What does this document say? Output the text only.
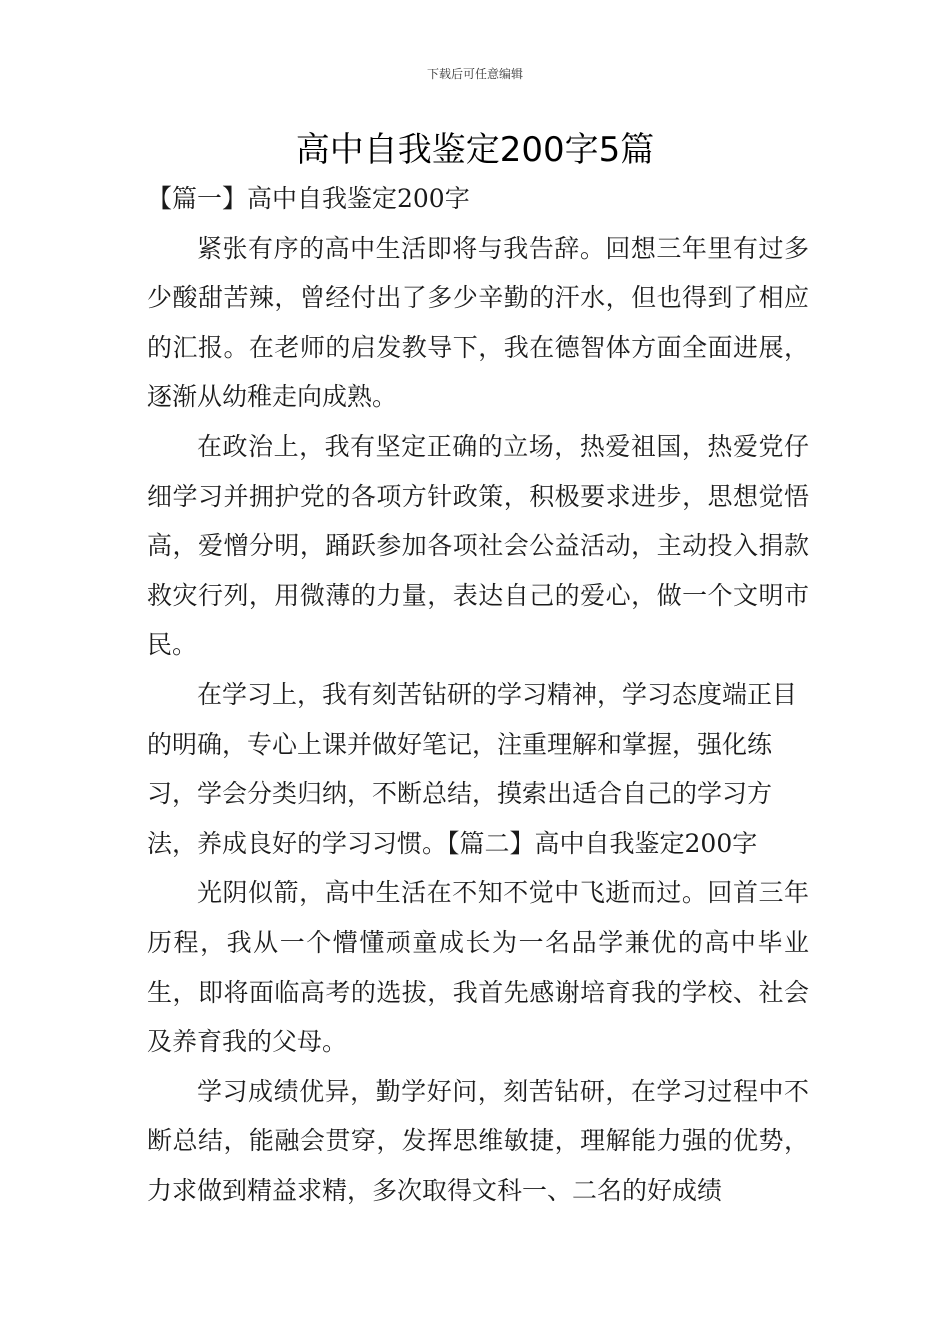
下载后可任意编辑
高中自我鉴定200字5篇

【篇一】高中自我鉴定200字

紧张有序的高中生活即将与我告辞。回想三年里有过多少酸甜苦辣，曾经付出了多少辛勤的汗水，但也得到了相应的汇报。在老师的启发教导下，我在德智体方面全面进展，逐渐从幼稚走向成熟。

在政治上，我有坚定正确的立场，热爱祖国，热爱党仔细学习并拥护党的各项方针政策，积极要求进步，思想觉悟高，爱憎分明，踊跃参加各项社会公益活动，主动投入捐款救灾行列，用微薄的力量，表达自己的爱心，做一个文明市民。

在学习上，我有刻苦钻研的学习精神，学习态度端正目的明确，专心上课并做好笔记，注重理解和掌握，强化练习，学会分类归纳，不断总结，摸索出适合自己的学习方法，养成良好的学习习惯。【篇二】高中自我鉴定200字

光阴似箭，高中生活在不知不觉中飞逝而过。回首三年历程，我从一个懵懂顽童成长为一名品学兼优的高中毕业生，即将面临高考的选拔，我首先感谢培育我的学校、社会及养育我的父母。

学习成绩优异，勤学好问，刻苦钻研，在学习过程中不断总结，能融会贯穿，发挥思维敏捷，理解能力强的优势，力求做到精益求精，多次取得文科一、二名的好成绩
